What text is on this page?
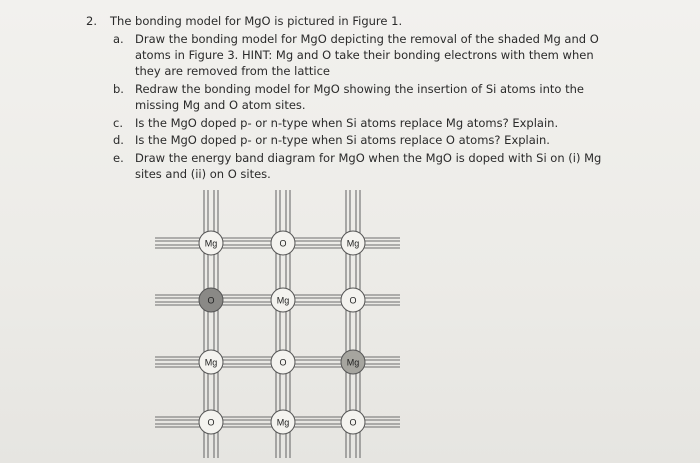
2. The bonding model for MgO is pictured in Figure 1.
a. Draw the bonding model for MgO depicting the removal of the shaded Mg and O
atoms in Figure 3. HINT: Mg and O take their bonding electrons with them when
they are removed from the lattice
b. Redraw the bonding model for MgO showing the insertion of Si atoms into the
missing Mg and O atom sites.
c. Is the MgO doped p- or n-type when Si atoms replace Mg atoms? Explain.
d. Is the MgO doped p- or n-type when Si atoms replace O atoms? Explain.
e. Draw the energy band diagram for MgO when the MgO is doped with Si on (i) Mg
sites and (ii) on O sites.
Mg	O	Mg
O	Mg	O
Mg	O	Mg
O	Mg	O
